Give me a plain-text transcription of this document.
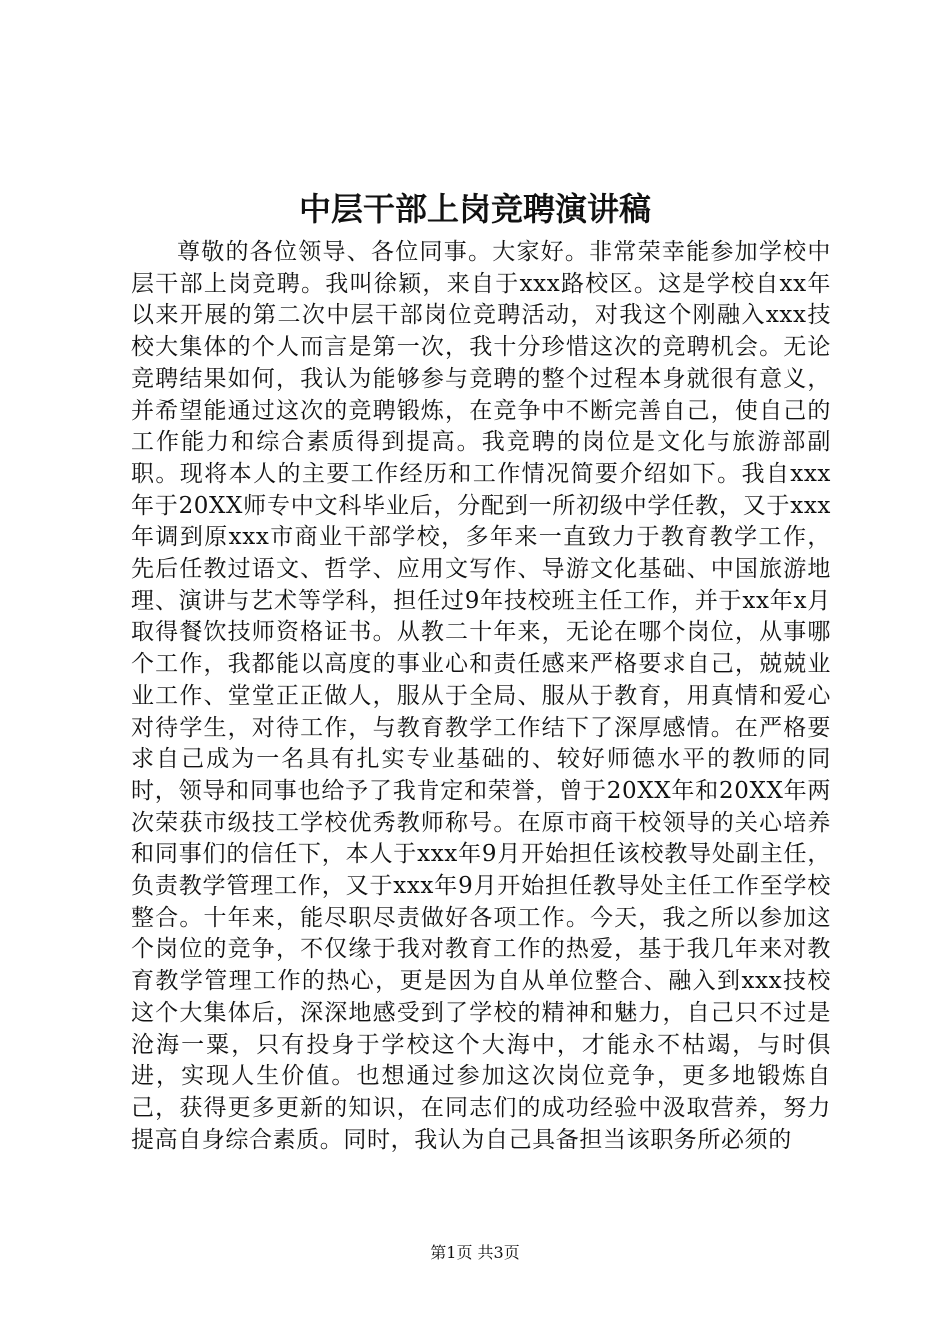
中层干部上岗竞聘演讲稿

尊敬的各位领导、各位同事。大家好。非常荣幸能参加学校中层干部上岗竞聘。我叫徐颖，来自于xxx路校区。这是学校自xx年以来开展的第二次中层干部岗位竞聘活动，对我这个刚融入xxx技校大集体的个人而言是第一次，我十分珍惜这次的竞聘机会。无论竞聘结果如何，我认为能够参与竞聘的整个过程本身就很有意义，并希望能通过这次的竞聘锻炼，在竞争中不断完善自己，使自己的工作能力和综合素质得到提高。我竞聘的岗位是文化与旅游部副职。现将本人的主要工作经历和工作情况简要介绍如下。我自xxx年于20XX师专中文科毕业后，分配到一所初级中学任教，又于xxx年调到原xxx市商业干部学校，多年来一直致力于教育教学工作，先后任教过语文、哲学、应用文写作、导游文化基础、中国旅游地理、演讲与艺术等学科，担任过9年技校班主任工作，并于xx年x月取得餐饮技师资格证书。从教二十年来，无论在哪个岗位，从事哪个工作，我都能以高度的事业心和责任感来严格要求自己，兢兢业业工作、堂堂正正做人，服从于全局、服从于教育，用真情和爱心对待学生，对待工作，与教育教学工作结下了深厚感情。在严格要求自己成为一名具有扎实专业基础的、较好师德水平的教师的同时，领导和同事也给予了我肯定和荣誉，曾于20XX年和20XX年两次荣获市级技工学校优秀教师称号。在原市商干校领导的关心培养和同事们的信任下，本人于xxx年9月开始担任该校教导处副主任，负责教学管理工作，又于xxx年9月开始担任教导处主任工作至学校整合。十年来，能尽职尽责做好各项工作。今天，我之所以参加这个岗位的竞争，不仅缘于我对教育工作的热爱，基于我几年来对教育教学管理工作的热心，更是因为自从单位整合、融入到xxx技校这个大集体后，深深地感受到了学校的精神和魅力，自己只不过是沧海一粟，只有投身于学校这个大海中，才能永不枯竭，与时俱进，实现人生价值。也想通过参加这次岗位竞争，更多地锻炼自己，获得更多更新的知识，在同志们的成功经验中汲取营养，努力提高自身综合素质。同时，我认为自己具备担当该职务所必须的

第1页 共3页
